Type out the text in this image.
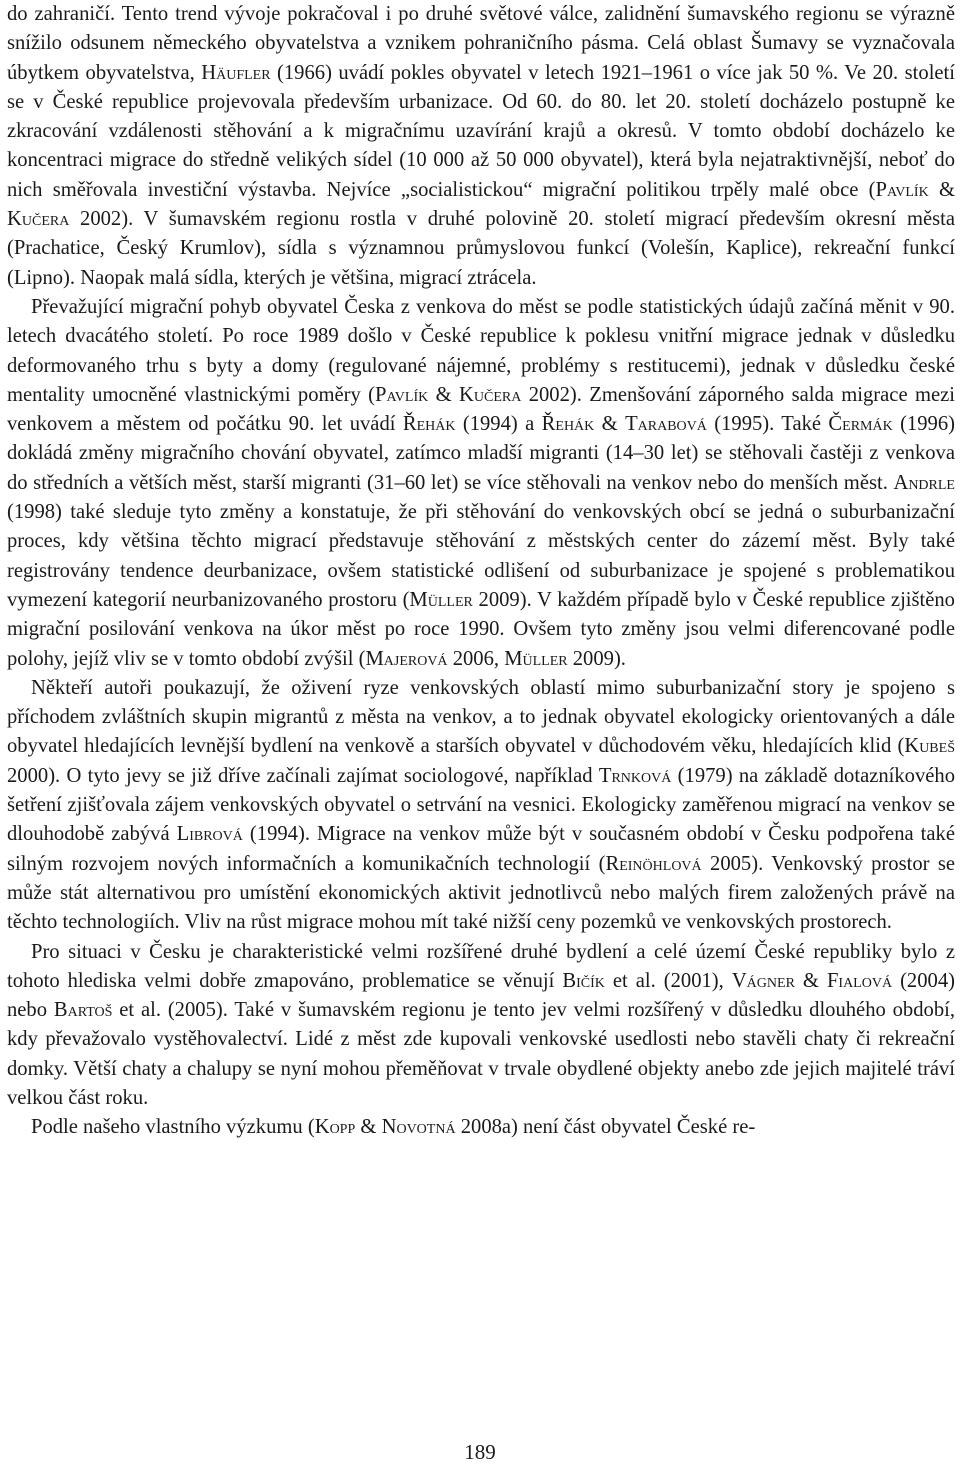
do zahraničí. Tento trend vývoje pokračoval i po druhé světové válce, zalidnění šumavského regionu se výrazně snížilo odsunem německého obyvatelstva a vznikem pohraničního pásma. Celá oblast Šumavy se vyznačovala úbytkem obyvatelstva, Häufler (1966) uvádí pokles obyvatel v letech 1921–1961 o více jak 50 %. Ve 20. století se v České republice projevovala především urbanizace. Od 60. do 80. let 20. století docházelo postupně ke zkracování vzdálenosti stěhování a k migračnímu uzavírání krajů a okresů. V tomto období docházelo ke koncentraci migrace do středně velikých sídel (10 000 až 50 000 obyvatel), která byla nejatraktivnější, neboť do nich směřovala investiční výstavba. Nejvíce „socialistickou“ migrační politikou trpěly malé obce (Pavlík & Kučera 2002). V šumavském regionu rostla v druhé polovině 20. století migrací především okresní města (Prachatice, Český Krumlov), sídla s významnou průmyslovou funkcí (Volešín, Kaplice), rekreační funkcí (Lipno). Naopak malá sídla, kterých je většina, migrací ztrácela.

Převažující migrační pohyb obyvatel Česka z venkova do měst se podle statistických údajů začíná měnit v 90. letech dvacátého století. Po roce 1989 došlo v České republice k poklesu vnitřní migrace jednak v důsledku deformovaného trhu s byty a domy (regulované nájemné, problémy s restitucemi), jednak v důsledku české mentality umocněné vlastnickými poměry (Pavlík & Kučera 2002). Zmenšování záporného salda migrace mezi venkovem a městem od počátku 90. let uvádí Řehák (1994) a Řehák & Tarabová (1995). Také Čermák (1996) dokládá změny migračního chování obyvatel, zatímco mladší migranti (14–30 let) se stěhovali častěji z venkova do středních a větších měst, starší migranti (31–60 let) se více stěhovali na venkov nebo do menších měst. Andrle (1998) také sleduje tyto změny a konstatuje, že při stěhování do venkovských obcí se jedná o suburbanizační proces, kdy většina těchto migrací představuje stěhování z městských center do zázemí měst. Byly také registrovány tendence deurbanizace, ovšem statistické odlišení od suburbanizace je spojené s problematikou vymezení kategorií neurbanizovaného prostoru (Müller 2009). V každém případě bylo v České republice zjištěno migrační posilování venkova na úkor měst po roce 1990. Ovšem tyto změny jsou velmi diferencované podle polohy, jejíž vliv se v tomto období zvýšil (Majerová 2006, Müller 2009).

Někteří autoři poukazují, že oživení ryze venkovských oblastí mimo suburbanizační story je spojeno s příchodem zvláštních skupin migrantů z města na venkov, a to jednak obyvatel ekologicky orientovaných a dále obyvatel hledajících levnější bydlení na venkově a starších obyvatel v důchodovém věku, hledajících klid (Kubeš 2000). O tyto jevy se již dříve začínali zajímat sociologové, například Trnková (1979) na základě dotazníkového šetření zjišťovala zájem venkovských obyvatel o setrvání na vesnici. Ekologicky zaměřenou migrací na venkov se dlouhodobě zabývá Librová (1994). Migrace na venkov může být v současném období v Česku podpořena také silným rozvojem nových informačních a komunikačních technologií (Reinöhlová 2005). Venkovský prostor se může stát alternativou pro umístění ekonomických aktivit jednotlivců nebo malých firem založených právě na těchto technologiích. Vliv na růst migrace mohou mít také nižší ceny pozemků ve venkovských prostorech.

Pro situaci v Česku je charakteristické velmi rozšířené druhé bydlení a celé území České republiky bylo z tohoto hlediska velmi dobře zmapováno, problematice se věnují Bičík et al. (2001), Vágner & Fialová (2004) nebo Bartoš et al. (2005). Také v šumavském regionu je tento jev velmi rozšířený v důsledku dlouhého období, kdy převažovalo vystěhovalectví. Lidé z měst zde kupovali venkovské usedlosti nebo stavěli chaty či rekreační domky. Větší chaty a chalupy se nyní mohou přeměňovat v trvale obydlené objekty anebo zde jejich majitelé tráví velkou část roku.

Podle našeho vlastního výzkumu (Kopp & Novotná 2008a) není část obyvatel České re-

189
